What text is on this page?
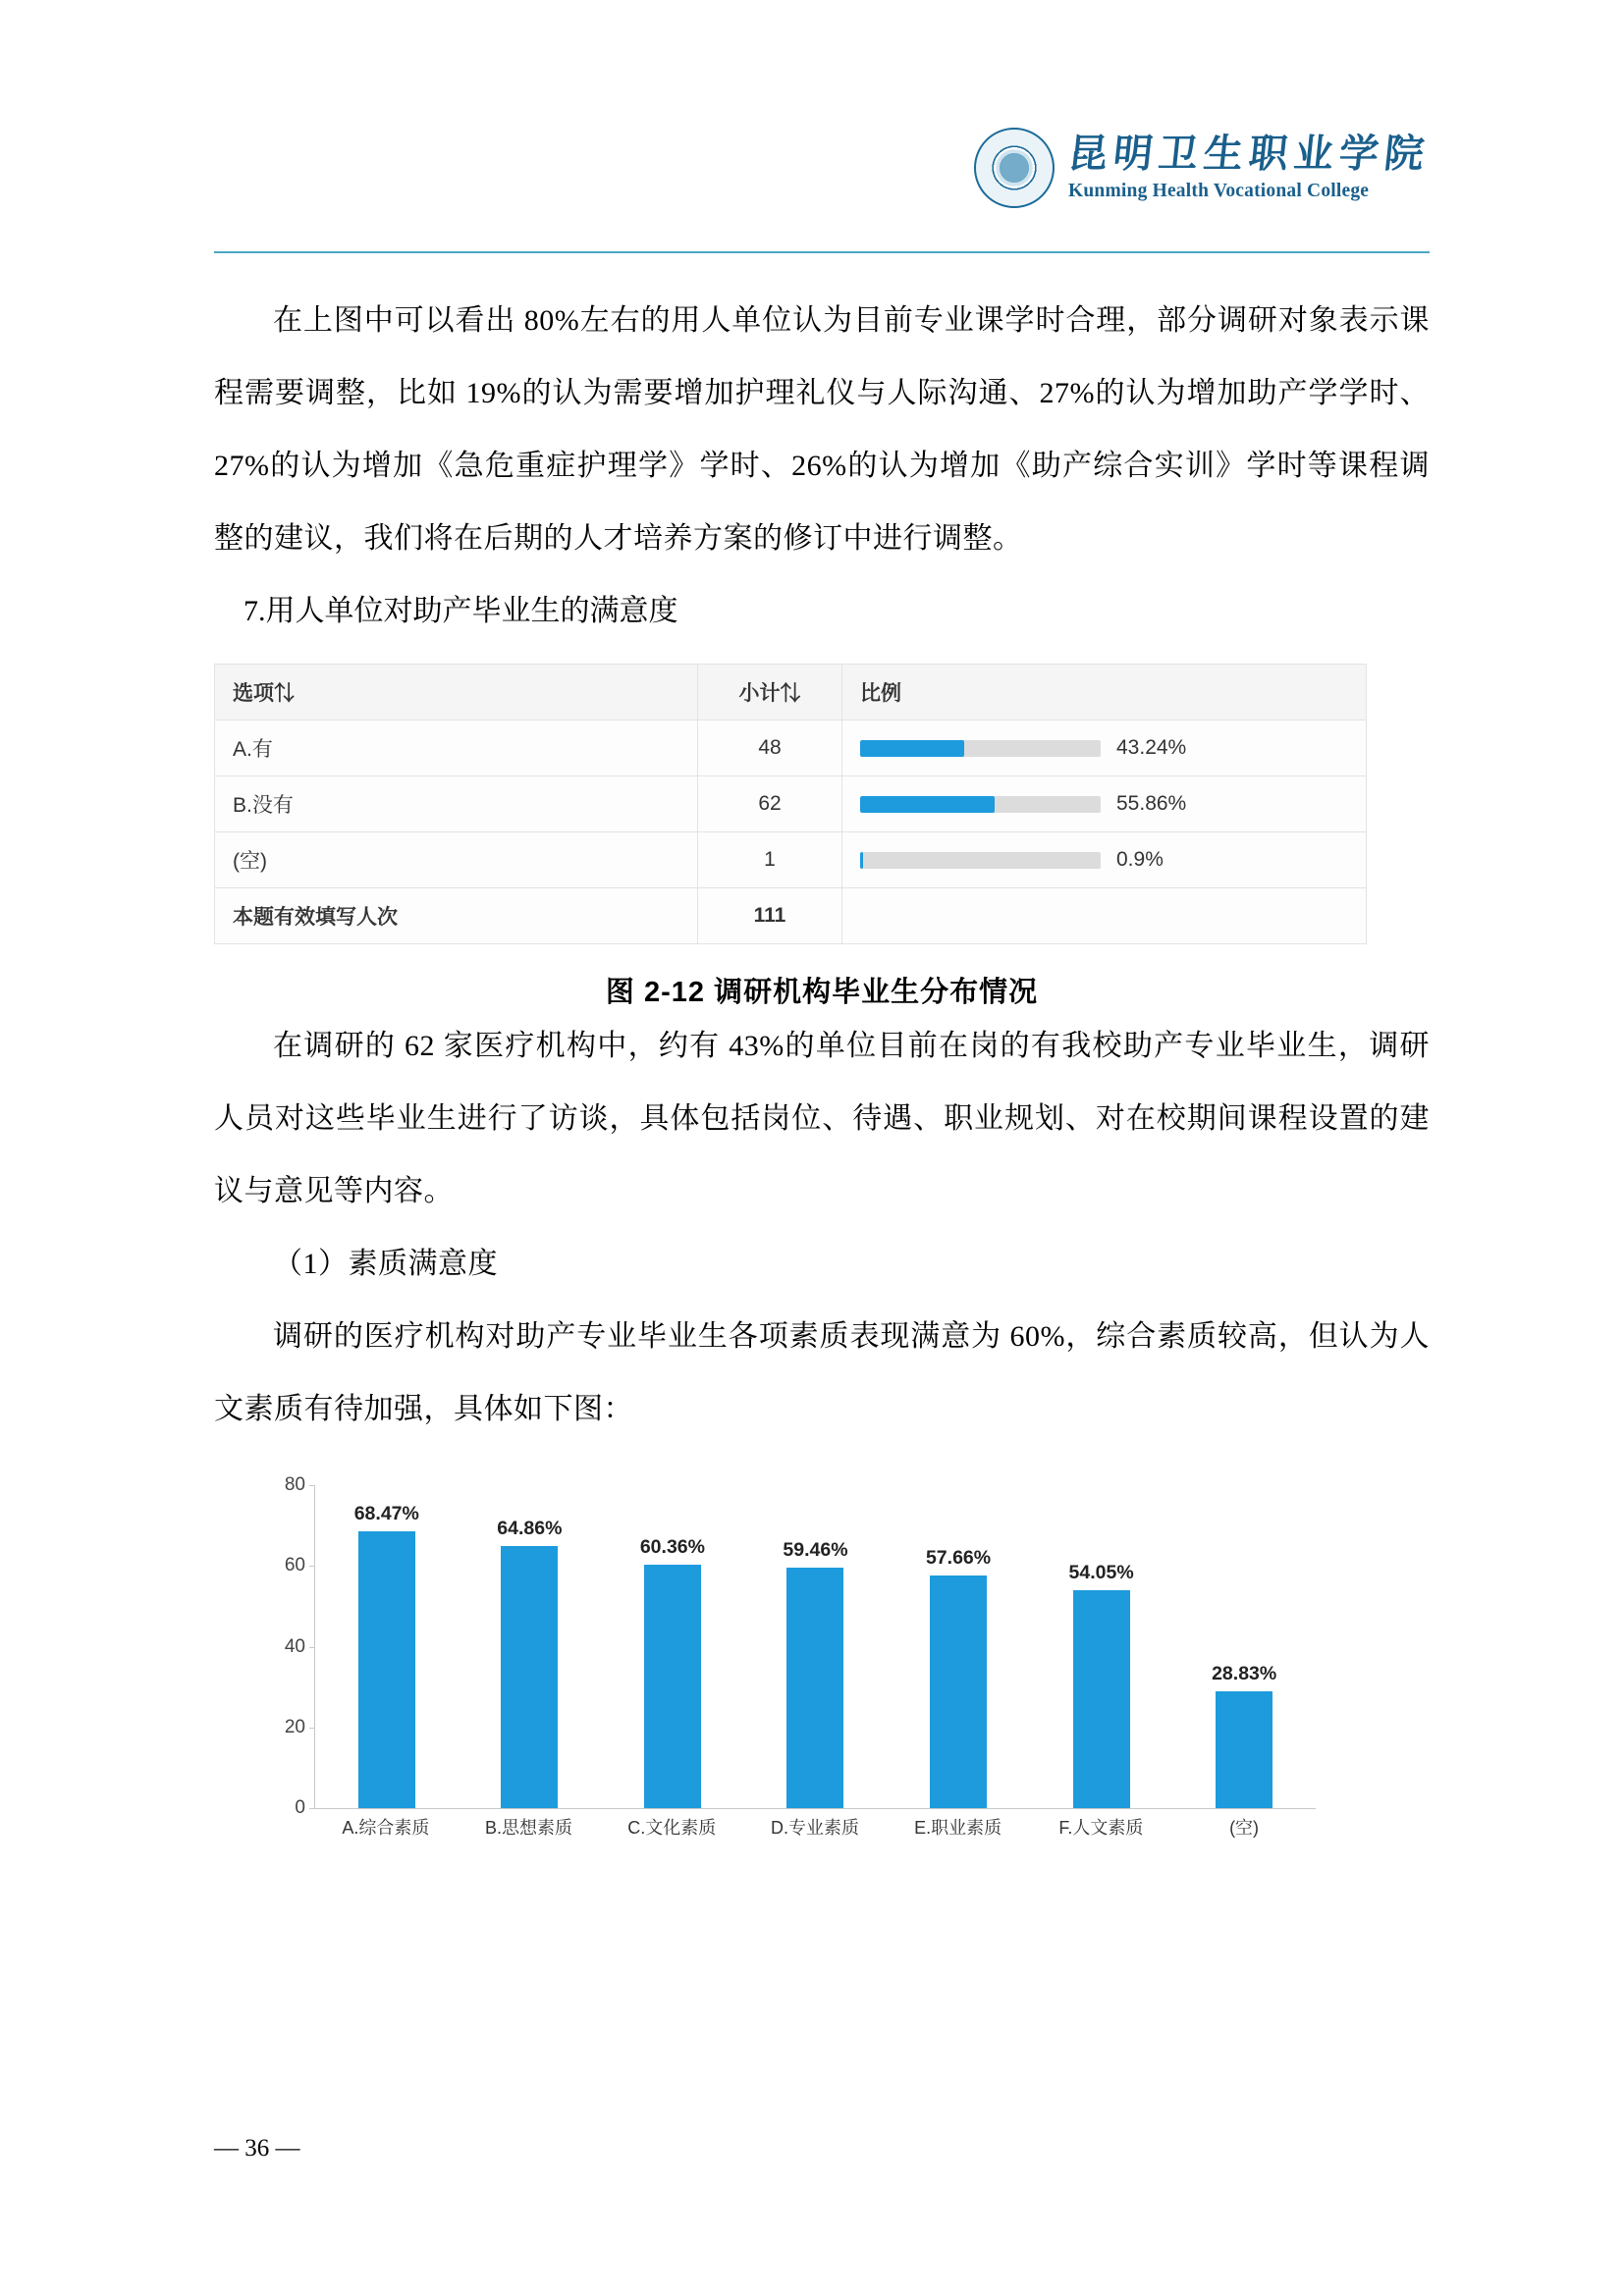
昆明卫生职业学院
Kunming Health Vocational College

在上图中可以看出 80%左右的用人单位认为目前专业课学时合理，部分调研对象表示课程需要调整，比如 19%的认为需要增加护理礼仪与人际沟通、27%的认为增加助产学学时、27%的认为增加《急危重症护理学》学时、26%的认为增加《助产综合实训》学时等课程调整的建议，我们将在后期的人才培养方案的修订中进行调整。

7.用人单位对助产毕业生的满意度

选项⇅	小计⇅	比例
A.有	48	43.24%

B.没有	62	55.86%

(空)	1	0.9%

本题有效填写人次	111	
图 2-12 调研机构毕业生分布情况

在调研的 62 家医疗机构中，约有 43%的单位目前在岗的有我校助产专业毕业生，调研人员对这些毕业生进行了访谈，具体包括岗位、待遇、职业规划、对在校期间课程设置的建议与意见等内容。

（1）素质满意度

调研的医疗机构对助产专业毕业生各项素质表现满意为 60%，综合素质较高，但认为人文素质有待加强，具体如下图：

68.47%
64.86%
60.36%	59.46%	57.66%
54.05%
28.83%
0
20
40
60
80
A.综合素质	B.思想素质	C.文化素质	D.专业素质	E.职业素质	F.人文素质	(空)
— 36 —
